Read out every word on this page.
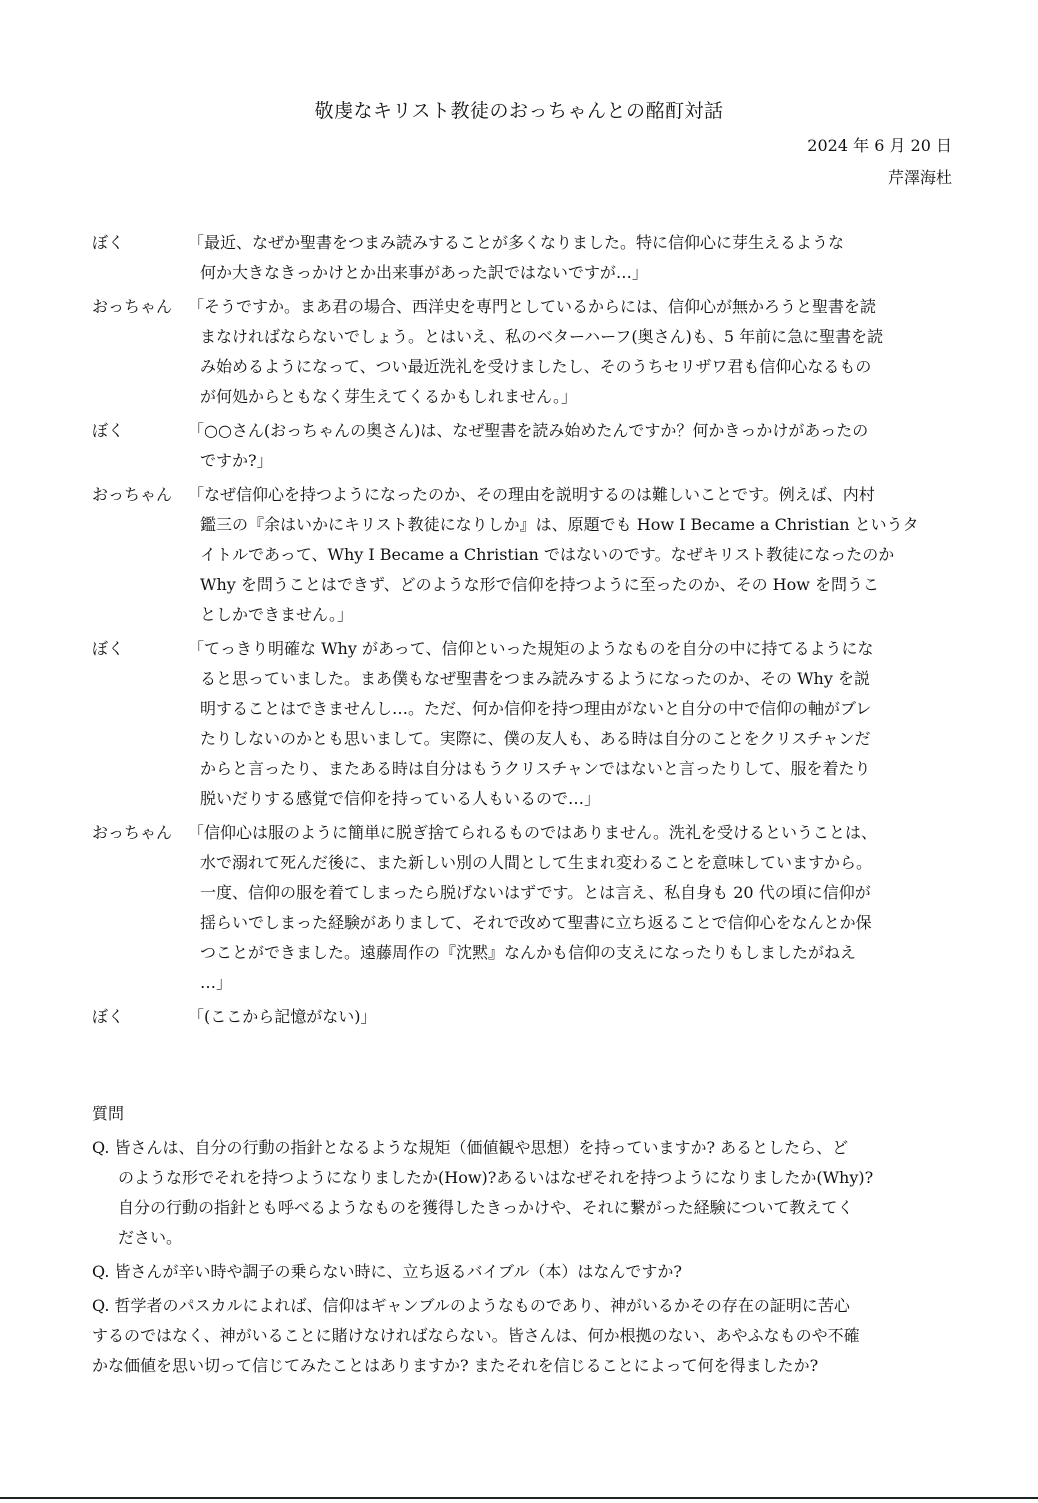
敬虔なキリスト教徒のおっちゃんとの酩酊対話
2024 年 6 月 20 日
芹澤海杜
ぼく	「最近、なぜか聖書をつまみ読みすることが多くなりました。特に信仰心に芽生えるような
何か大きなきっかけとか出来事があった訳ではないですが…」
おっちゃん 「そうですか。まあ君の場合、西洋史を専門としているからには、信仰心が無かろうと聖書を読
まなければならないでしょう。とはいえ、私のベターハーフ(奥さん)も、5 年前に急に聖書を読
み始めるようになって、つい最近洗礼を受けましたし、そのうちセリザワ君も信仰心なるもの
が何処からともなく芽生えてくるかもしれません。」
ぼく	「○○さん(おっちゃんの奥さん)は、なぜ聖書を読み始めたんですか？何かきっかけがあったの
ですか?」
おっちゃん 「なぜ信仰心を持つようになったのか、その理由を説明するのは難しいことです。例えば、内村
鑑三の『余はいかにキリスト教徒になりしか』は、原題でも How I Became a Christian というタ
イトルであって、Why I Became a Christian ではないのです。なぜキリスト教徒になったのか
Why を問うことはできず、どのような形で信仰を持つように至ったのか、その How を問うこ
としかできません。」
ぼく	「てっきり明確な Why があって、信仰といった規矩のようなものを自分の中に持てるようにな
ると思っていました。まあ僕もなぜ聖書をつまみ読みするようになったのか、その Why を説
明することはできませんし…。ただ、何か信仰を持つ理由がないと自分の中で信仰の軸がブレ
たりしないのかとも思いまして。実際に、僕の友人も、ある時は自分のことをクリスチャンだ
からと言ったり、またある時は自分はもうクリスチャンではないと言ったりして、服を着たり
脱いだりする感覚で信仰を持っている人もいるので…」
おっちゃん 「信仰心は服のように簡単に脱ぎ捨てられるものではありません。洗礼を受けるということは、
水で溺れて死んだ後に、また新しい別の人間として生まれ変わることを意味していますから。
一度、信仰の服を着てしまったら脱げないはずです。とは言え、私自身も 20 代の頃に信仰が
揺らいでしまった経験がありまして、それで改めて聖書に立ち返ることで信仰心をなんとか保
つことができました。遠藤周作の『沈黙』なんかも信仰の支えになったりもしましたがねえ
…」
ぼく	「(ここから記憶がない)」
質問
Q. 皆さんは、自分の行動の指針となるような規矩（価値観や思想）を持っていますか? あるとしたら、ど
のような形でそれを持つようになりましたか(How)?あるいはなぜそれを持つようになりましたか(Why)?
自分の行動の指針とも呼べるようなものを獲得したきっかけや、それに繋がった経験について教えてく
ださい。
Q. 皆さんが辛い時や調子の乗らない時に、立ち返るバイブル（本）はなんですか?
Q. 哲学者のパスカルによれば、信仰はギャンブルのようなものであり、神がいるかその存在の証明に苦心
するのではなく、神がいることに賭けなければならない。皆さんは、何か根拠のない、あやふなものや不確
かな価値を思い切って信じてみたことはありますか? またそれを信じることによって何を得ましたか?
